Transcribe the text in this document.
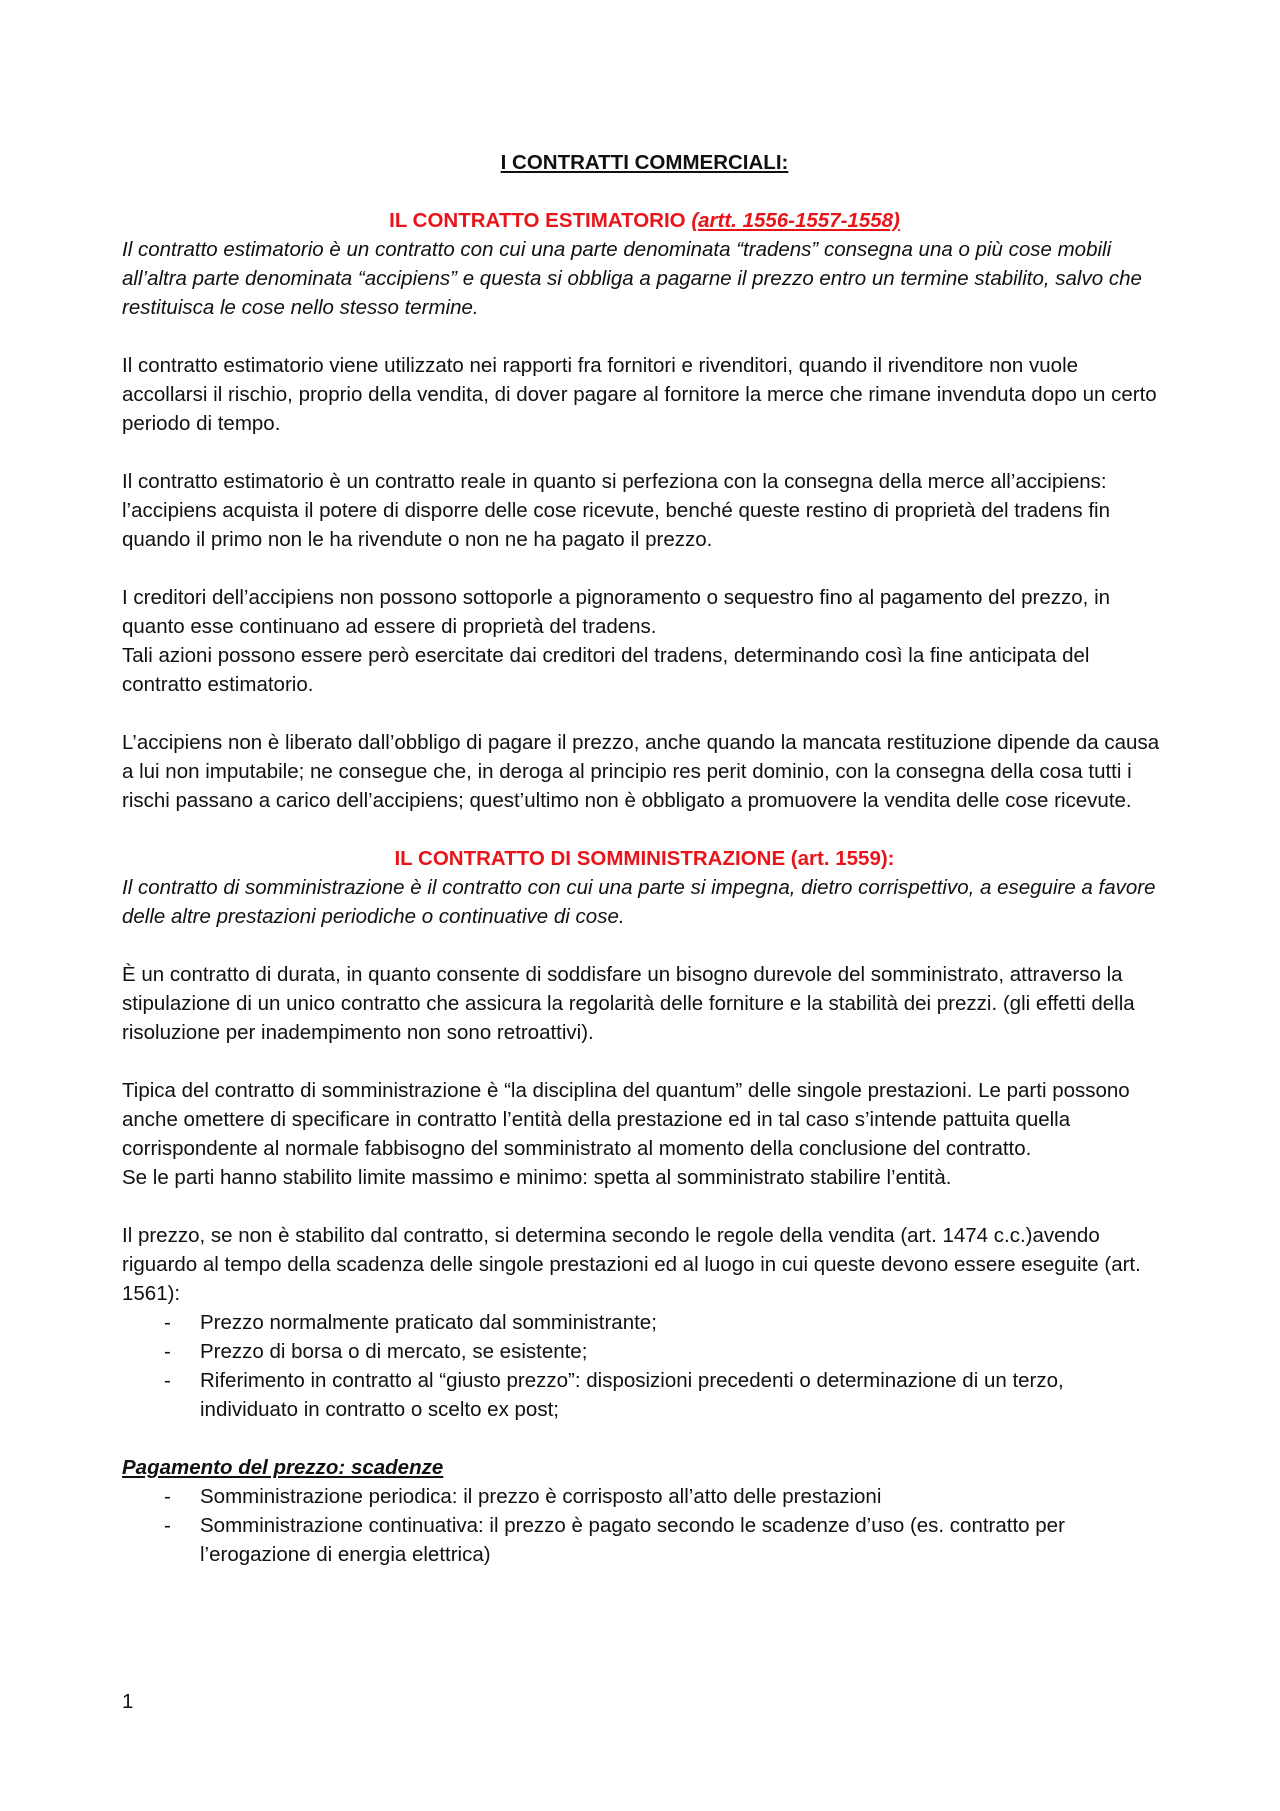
I CONTRATTI COMMERCIALI:

IL CONTRATTO ESTIMATORIO (artt. 1556-1557-1558)

Il contratto estimatorio è un contratto con cui una parte denominata “tradens” consegna una o più cose mobili all’altra parte denominata “accipiens” e questa si obbliga a pagarne il prezzo entro un termine stabilito, salvo che restituisca le cose nello stesso termine.

Il contratto estimatorio viene utilizzato nei rapporti fra fornitori e rivenditori, quando il rivenditore non vuole accollarsi il rischio, proprio della vendita, di dover pagare al fornitore la merce che rimane invenduta dopo un certo periodo di tempo.

Il contratto estimatorio è un contratto reale in quanto si perfeziona con la consegna della merce all’accipiens: l’accipiens acquista il potere di disporre delle cose ricevute, benché queste restino di proprietà del tradens fin quando il primo non le ha rivendute o non ne ha pagato il prezzo.

I creditori dell’accipiens non possono sottoporle a pignoramento o sequestro fino al pagamento del prezzo, in quanto esse continuano ad essere di proprietà del tradens.

Tali azioni possono essere però esercitate dai creditori del tradens, determinando così la fine anticipata del contratto estimatorio.

L’accipiens non è liberato dall’obbligo di pagare il prezzo, anche quando la mancata restituzione dipende da causa a lui non imputabile; ne consegue che, in deroga al principio res perit dominio, con la consegna della cosa tutti i rischi passano a carico dell’accipiens; quest’ultimo non è obbligato a promuovere la vendita delle cose ricevute.

IL CONTRATTO DI SOMMINISTRAZIONE (art. 1559):

Il contratto di somministrazione è il contratto con cui una parte si impegna, dietro corrispettivo, a eseguire a favore delle altre prestazioni periodiche o continuative di cose.

È un contratto di durata, in quanto consente di soddisfare un bisogno durevole del somministrato, attraverso la stipulazione di un unico contratto che assicura la regolarità delle forniture e la stabilità dei prezzi. (gli effetti della risoluzione per inadempimento non sono retroattivi).

Tipica del contratto di somministrazione è “la disciplina del quantum” delle singole prestazioni. Le parti possono anche omettere di specificare in contratto l’entità della prestazione ed in tal caso s’intende pattuita quella corrispondente al normale fabbisogno del somministrato al momento della conclusione del contratto.

Se le parti hanno stabilito limite massimo e minimo: spetta al somministrato stabilire l’entità.

Il prezzo, se non è stabilito dal contratto, si determina secondo le regole della vendita (art. 1474 c.c.)avendo riguardo al tempo della scadenza delle singole prestazioni ed al luogo in cui queste devono essere eseguite (art. 1561):

- Prezzo normalmente praticato dal somministrante;
- Prezzo di borsa o di mercato, se esistente;
- Riferimento in contratto al “giusto prezzo”: disposizioni precedenti o determinazione di un terzo, individuato in contratto o scelto ex post;

Pagamento del prezzo: scadenze

- Somministrazione periodica: il prezzo è corrisposto all’atto delle prestazioni
- Somministrazione continuativa: il prezzo è pagato secondo le scadenze d’uso (es. contratto per l’erogazione di energia elettrica)
1
